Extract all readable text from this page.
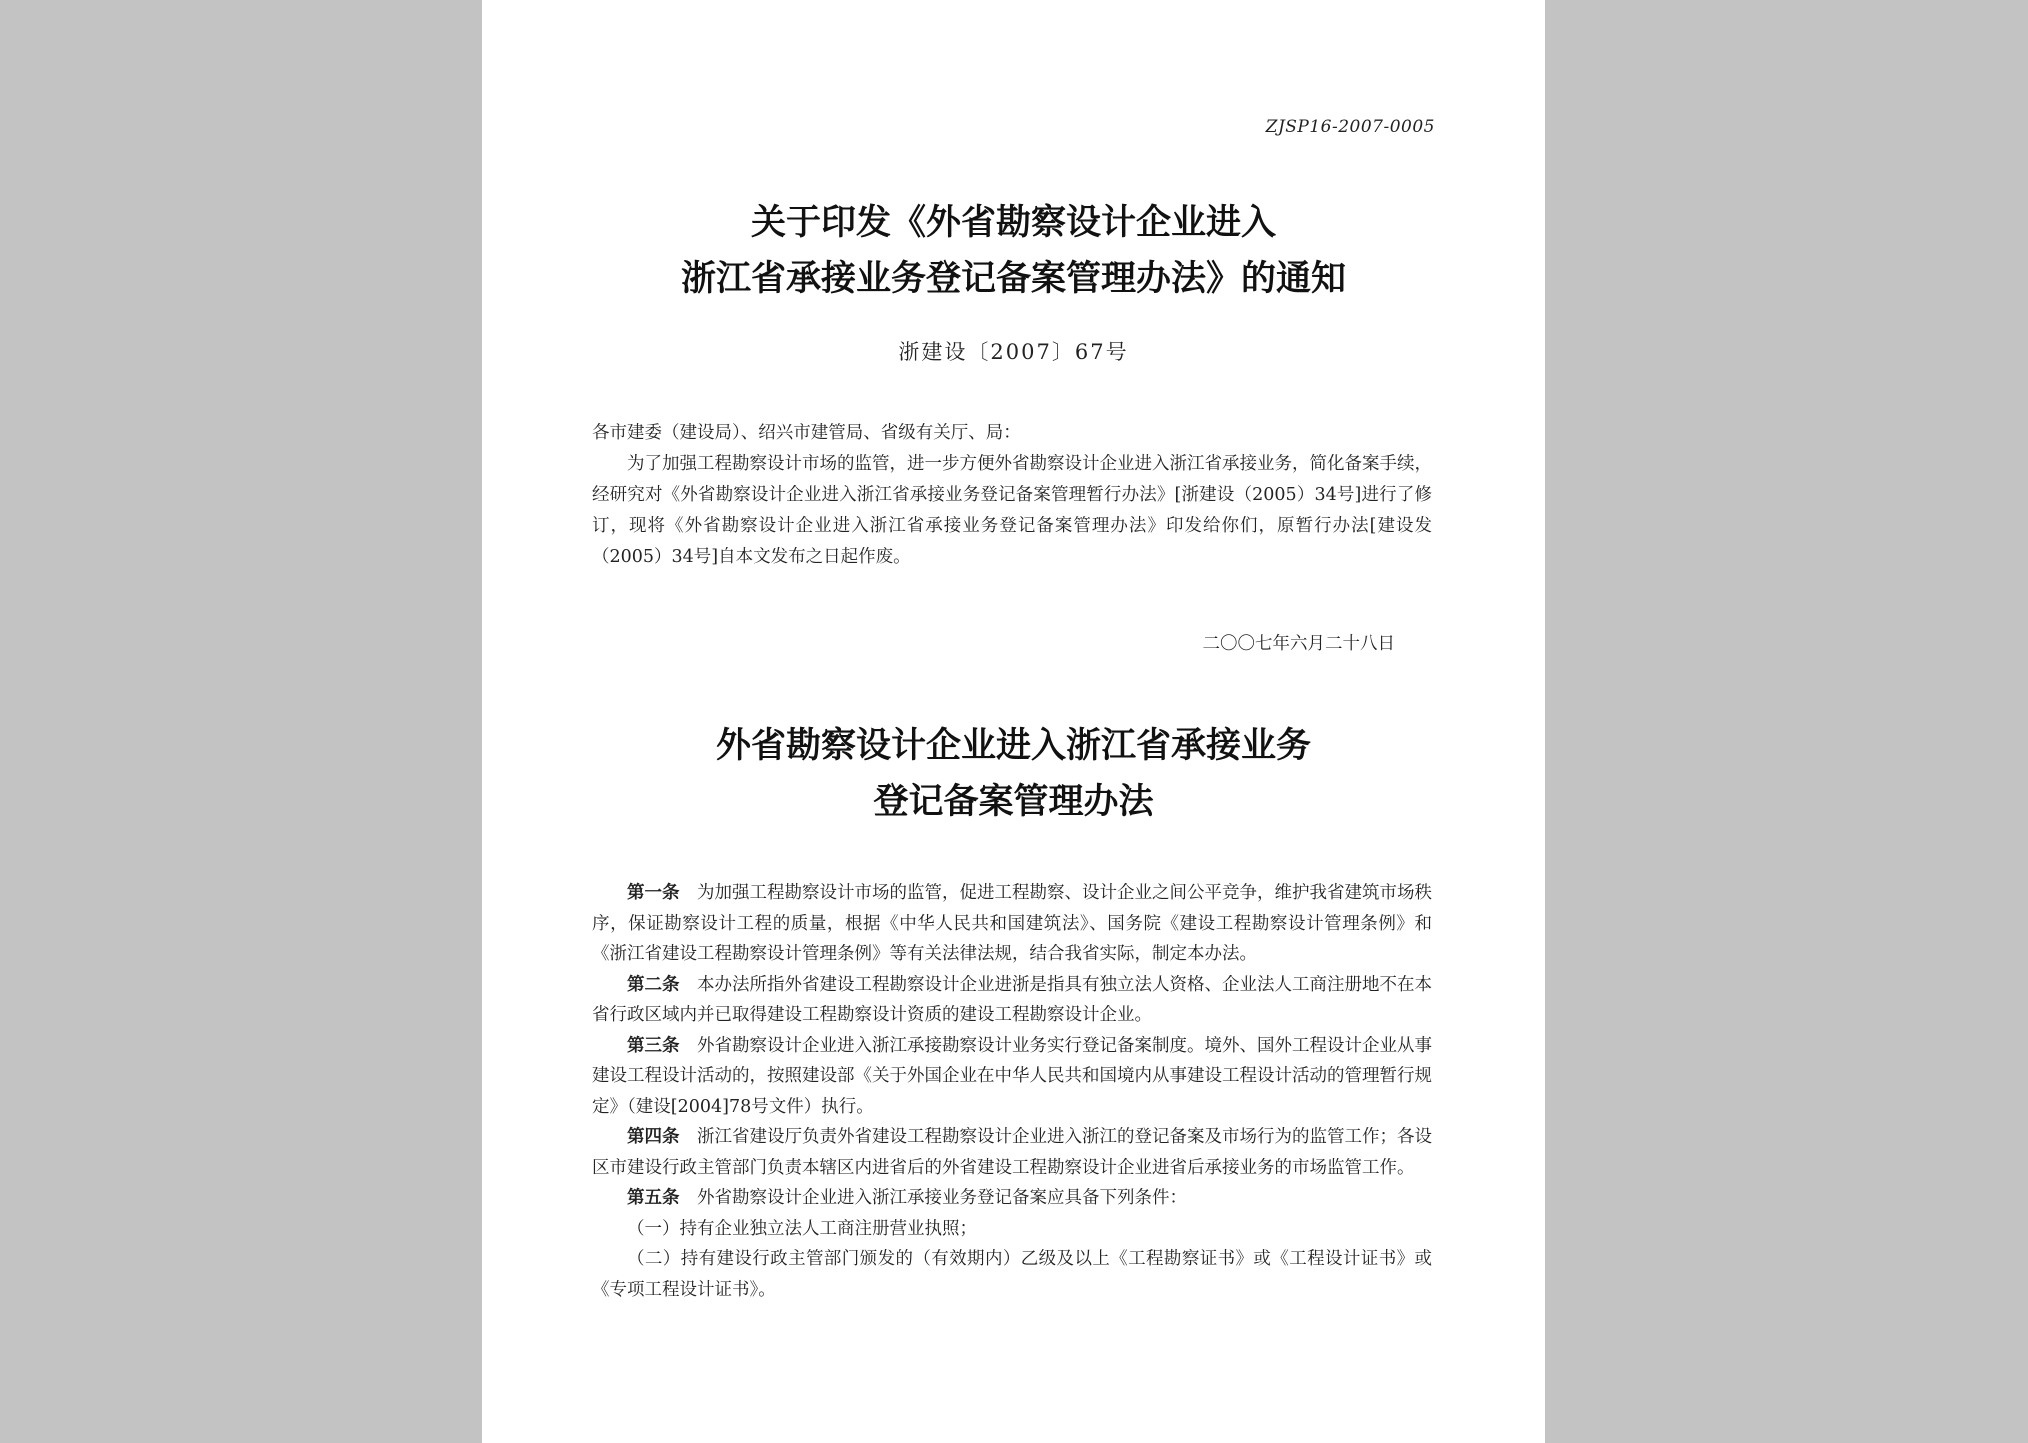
ZJSP16-2007-0005
关于印发《外省勘察设计企业进入
浙江省承接业务登记备案管理办法》的通知
浙建设〔2007〕67号
各市建委（建设局）、绍兴市建管局、省级有关厅、局：
为了加强工程勘察设计市场的监管，进一步方便外省勘察设计企业进入浙江省承接业务，简化备案手续，经研究对《外省勘察设计企业进入浙江省承接业务登记备案管理暂行办法》[浙建设（2005）34号]进行了修订，现将《外省勘察设计企业进入浙江省承接业务登记备案管理办法》印发给你们，原暂行办法[建设发（2005）34号]自本文发布之日起作废。
二〇〇七年六月二十八日
外省勘察设计企业进入浙江省承接业务
登记备案管理办法
第一条 为加强工程勘察设计市场的监管，促进工程勘察、设计企业之间公平竞争，维护我省建筑市场秩序，保证勘察设计工程的质量，根据《中华人民共和国建筑法》、国务院《建设工程勘察设计管理条例》和《浙江省建设工程勘察设计管理条例》等有关法律法规，结合我省实际，制定本办法。
第二条 本办法所指外省建设工程勘察设计企业进浙是指具有独立法人资格、企业法人工商注册地不在本省行政区域内并已取得建设工程勘察设计资质的建设工程勘察设计企业。
第三条 外省勘察设计企业进入浙江承接勘察设计业务实行登记备案制度。境外、国外工程设计企业从事建设工程设计活动的，按照建设部《关于外国企业在中华人民共和国境内从事建设工程设计活动的管理暂行规定》（建设[2004]78号文件）执行。
第四条 浙江省建设厅负责外省建设工程勘察设计企业进入浙江的登记备案及市场行为的监管工作；各设区市建设行政主管部门负责本辖区内进省后的外省建设工程勘察设计企业进省后承接业务的市场监管工作。
第五条 外省勘察设计企业进入浙江承接业务登记备案应具备下列条件：
（一）持有企业独立法人工商注册营业执照；
（二）持有建设行政主管部门颁发的（有效期内）乙级及以上《工程勘察证书》或《工程设计证书》或《专项工程设计证书》。
